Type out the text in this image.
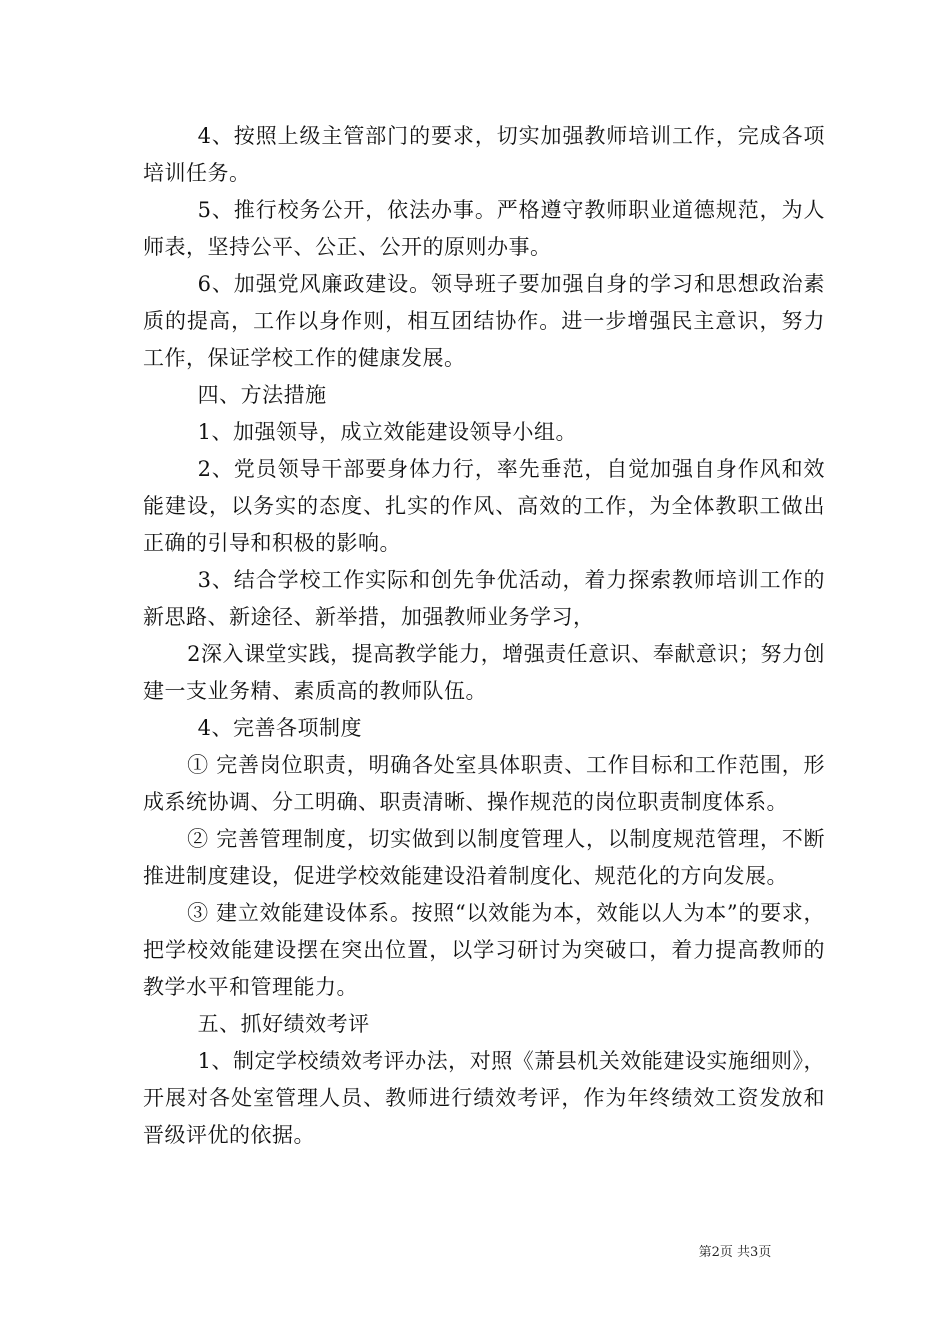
4、按照上级主管部门的要求，切实加强教师培训工作，完成各项培训任务。

5、推行校务公开，依法办事。严格遵守教师职业道德规范，为人师表，坚持公平、公正、公开的原则办事。

6、加强党风廉政建设。领导班子要加强自身的学习和思想政治素质的提高，工作以身作则，相互团结协作。进一步增强民主意识，努力工作，保证学校工作的健康发展。

四、方法措施

1、加强领导，成立效能建设领导小组。

2、党员领导干部要身体力行，率先垂范，自觉加强自身作风和效能建设，以务实的态度、扎实的作风、高效的工作，为全体教职工做出正确的引导和积极的影响。

3、结合学校工作实际和创先争优活动，着力探索教师培训工作的新思路、新途径、新举措，加强教师业务学习，

2深入课堂实践，提高教学能力，增强责任意识、奉献意识；努力创建一支业务精、素质高的教师队伍。

4、完善各项制度

① 完善岗位职责，明确各处室具体职责、工作目标和工作范围，形成系统协调、分工明确、职责清晰、操作规范的岗位职责制度体系。

② 完善管理制度，切实做到以制度管理人，以制度规范管理，不断推进制度建设，促进学校效能建设沿着制度化、规范化的方向发展。

③ 建立效能建设体系。按照“以效能为本，效能以人为本”的要求，把学校效能建设摆在突出位置，以学习研讨为突破口，着力提高教师的教学水平和管理能力。

五、抓好绩效考评

1、制定学校绩效考评办法，对照《萧县机关效能建设实施细则》，开展对各处室管理人员、教师进行绩效考评，作为年终绩效工资发放和晋级评优的依据。

第2页 共3页
